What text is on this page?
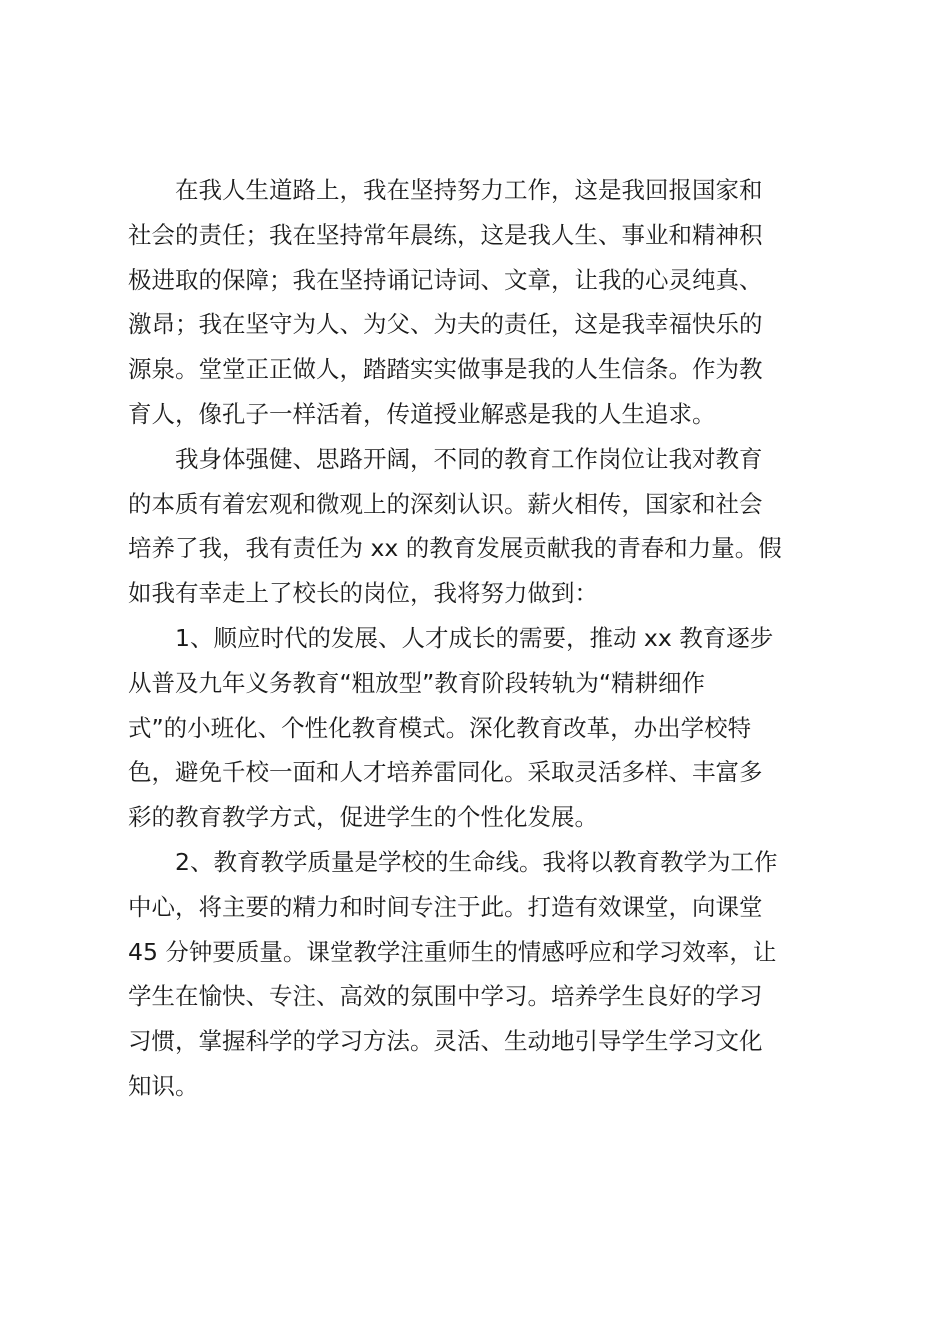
在我人生道路上，我在坚持努力工作，这是我回报国家和
社会的责任；我在坚持常年晨练，这是我人生、事业和精神积
极进取的保障；我在坚持诵记诗词、文章，让我的心灵纯真、
激昂；我在坚守为人、为父、为夫的责任，这是我幸福快乐的
源泉。堂堂正正做人，踏踏实实做事是我的人生信条。作为教
育人，像孔子一样活着，传道授业解惑是我的人生追求。
我身体强健、思路开阔，不同的教育工作岗位让我对教育
的本质有着宏观和微观上的深刻认识。薪火相传，国家和社会
培养了我，我有责任为 xx 的教育发展贡献我的青春和力量。假
如我有幸走上了校长的岗位，我将努力做到：
1、顺应时代的发展、人才成长的需要，推动 xx 教育逐步
从普及九年义务教育“粗放型”教育阶段转轨为“精耕细作
式”的小班化、个性化教育模式。深化教育改革，办出学校特
色，避免千校一面和人才培养雷同化。采取灵活多样、丰富多
彩的教育教学方式，促进学生的个性化发展。
2、教育教学质量是学校的生命线。我将以教育教学为工作
中心，将主要的精力和时间专注于此。打造有效课堂，向课堂
45 分钟要质量。课堂教学注重师生的情感呼应和学习效率，让
学生在愉快、专注、高效的氛围中学习。培养学生良好的学习
习惯，掌握科学的学习方法。灵活、生动地引导学生学习文化
知识。
